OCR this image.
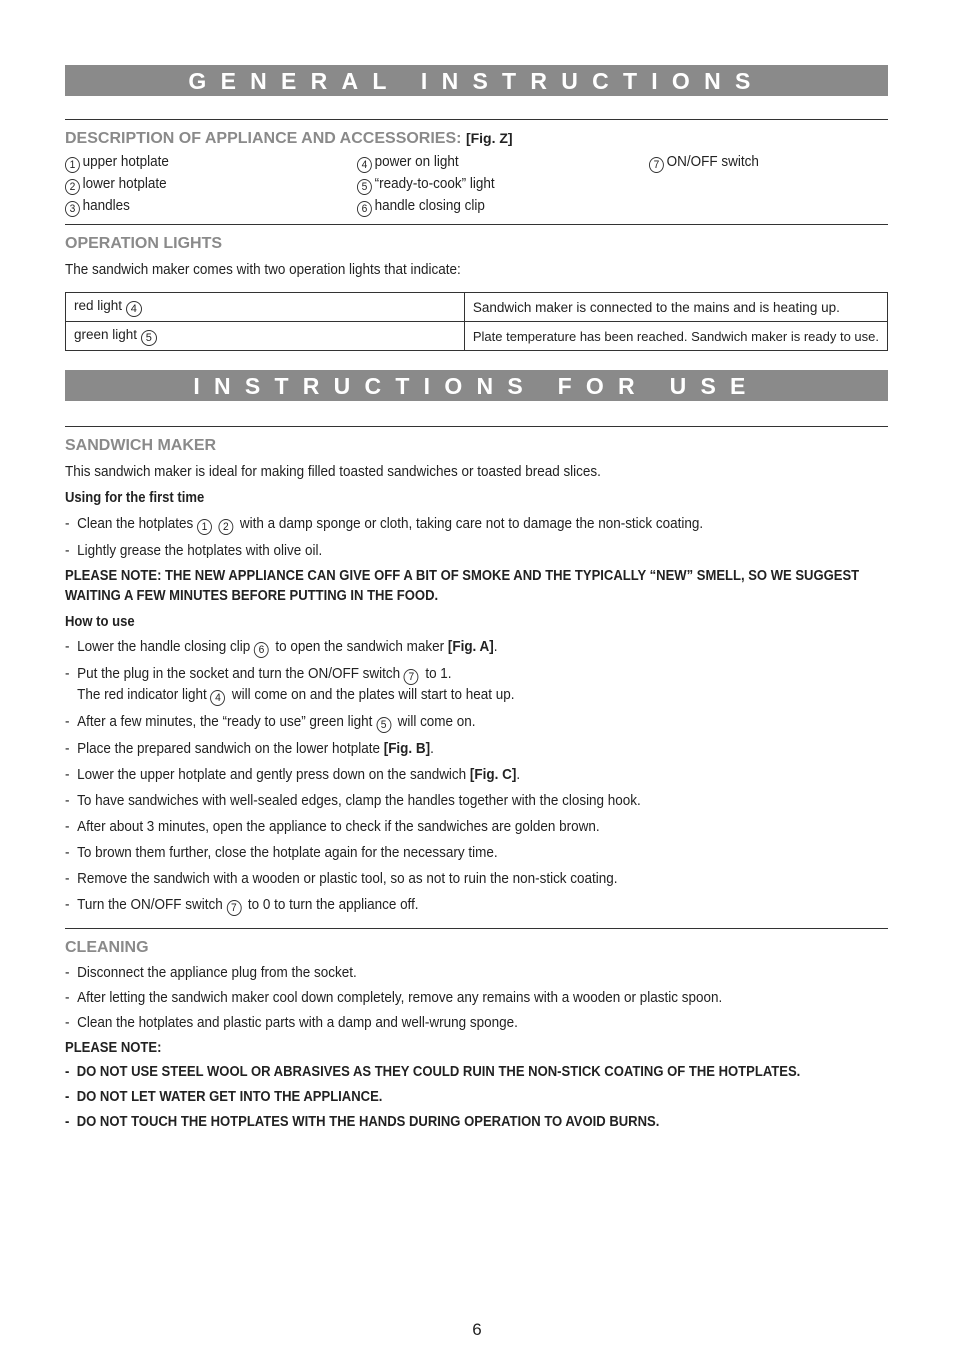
GENERAL INSTRUCTIONS
DESCRIPTION OF APPLIANCE AND ACCESSORIES: [Fig. Z]
1 upper hotplate
2 lower hotplate
3 handles
4 power on light
5 “ready-to-cook” light
6 handle closing clip
7 ON/OFF switch
OPERATION LIGHTS
The sandwich maker comes with two operation lights that indicate:
red light 4	Sandwich maker is connected to the mains and is heating up.
green light 5	Plate temperature has been reached. Sandwich maker is ready to use.
INSTRUCTIONS FOR USE
SANDWICH MAKER
This sandwich maker is ideal for making filled toasted sandwiches or toasted bread slices.
Using for the first time
- Clean the hotplates 1 2 with a damp sponge or cloth, taking care not to damage the non-stick coating.
- Lightly grease the hotplates with olive oil.
PLEASE NOTE: THE NEW APPLIANCE CAN GIVE OFF A BIT OF SMOKE AND THE TYPICALLY “NEW” SMELL, SO WE SUGGEST
WAITING A FEW MINUTES BEFORE PUTTING IN THE FOOD.
How to use
- Lower the handle closing clip 6 to open the sandwich maker [Fig. A].
- Put the plug in the socket and turn the ON/OFF switch 7 to 1.
The red indicator light 4 will come on and the plates will start to heat up.
- After a few minutes, the “ready to use” green light 5 will come on.
- Place the prepared sandwich on the lower hotplate [Fig. B].
- Lower the upper hotplate and gently press down on the sandwich [Fig. C].
- To have sandwiches with well-sealed edges, clamp the handles together with the closing hook.
- After about 3 minutes, open the appliance to check if the sandwiches are golden brown.
- To brown them further, close the hotplate again for the necessary time.
- Remove the sandwich with a wooden or plastic tool, so as not to ruin the non-stick coating.
- Turn the ON/OFF switch 7 to 0 to turn the appliance off.
CLEANING
- Disconnect the appliance plug from the socket.
- After letting the sandwich maker cool down completely, remove any remains with a wooden or plastic spoon.
- Clean the hotplates and plastic parts with a damp and well-wrung sponge.
PLEASE NOTE:
- DO NOT USE STEEL WOOL OR ABRASIVES AS THEY COULD RUIN THE NON-STICK COATING OF THE HOTPLATES.
- DO NOT LET WATER GET INTO THE APPLIANCE.
- DO NOT TOUCH THE HOTPLATES WITH THE HANDS DURING OPERATION TO AVOID BURNS.
6
